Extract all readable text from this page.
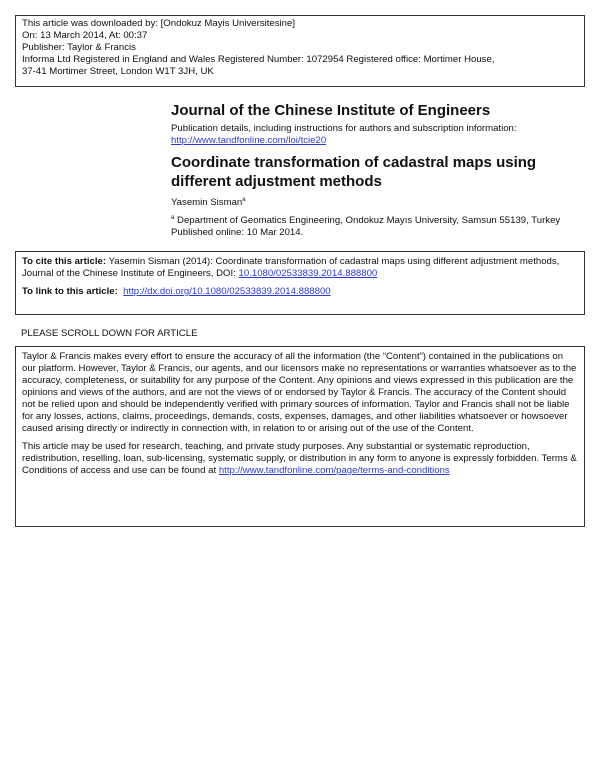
This article was downloaded by: [Ondokuz Mayis Universitesine]
On: 13 March 2014, At: 00:37
Publisher: Taylor & Francis
Informa Ltd Registered in England and Wales Registered Number: 1072954 Registered office: Mortimer House,
37-41 Mortimer Street, London W1T 3JH, UK
Journal of the Chinese Institute of Engineers
Publication details, including instructions for authors and subscription information:
http://www.tandfonline.com/loi/tcie20
Coordinate transformation of cadastral maps using different adjustment methods
Yasemin Sisman$^a$
$^a$ Department of Geomatics Engineering, Ondokuz Mayıs University, Samsun 55139, Turkey
Published online: 10 Mar 2014.

To cite this article: Yasemin Sisman (2014): Coordinate transformation of cadastral maps using different adjustment methods, Journal of the Chinese Institute of Engineers, DOI: 10.1080/02533839.2014.888800

To link to this article: http://dx.doi.org/10.1080/02533839.2014.888800

PLEASE SCROLL DOWN FOR ARTICLE

Taylor & Francis makes every effort to ensure the accuracy of all the information (the “Content”) contained in the publications on our platform. However, Taylor & Francis, our agents, and our licensors make no representations or warranties whatsoever as to the accuracy, completeness, or suitability for any purpose of the Content. Any opinions and views expressed in this publication are the opinions and views of the authors, and are not the views of or endorsed by Taylor & Francis. The accuracy of the Content should not be relied upon and should be independently verified with primary sources of information. Taylor and Francis shall not be liable for any losses, actions, claims, proceedings, demands, costs, expenses, damages, and other liabilities whatsoever or howsoever caused arising directly or indirectly in connection with, in relation to or arising out of the use of the Content.

This article may be used for research, teaching, and private study purposes. Any substantial or systematic reproduction, redistribution, reselling, loan, sub-licensing, systematic supply, or distribution in any form to anyone is expressly forbidden. Terms & Conditions of access and use can be found at http://www.tandfonline.com/page/terms-and-conditions
